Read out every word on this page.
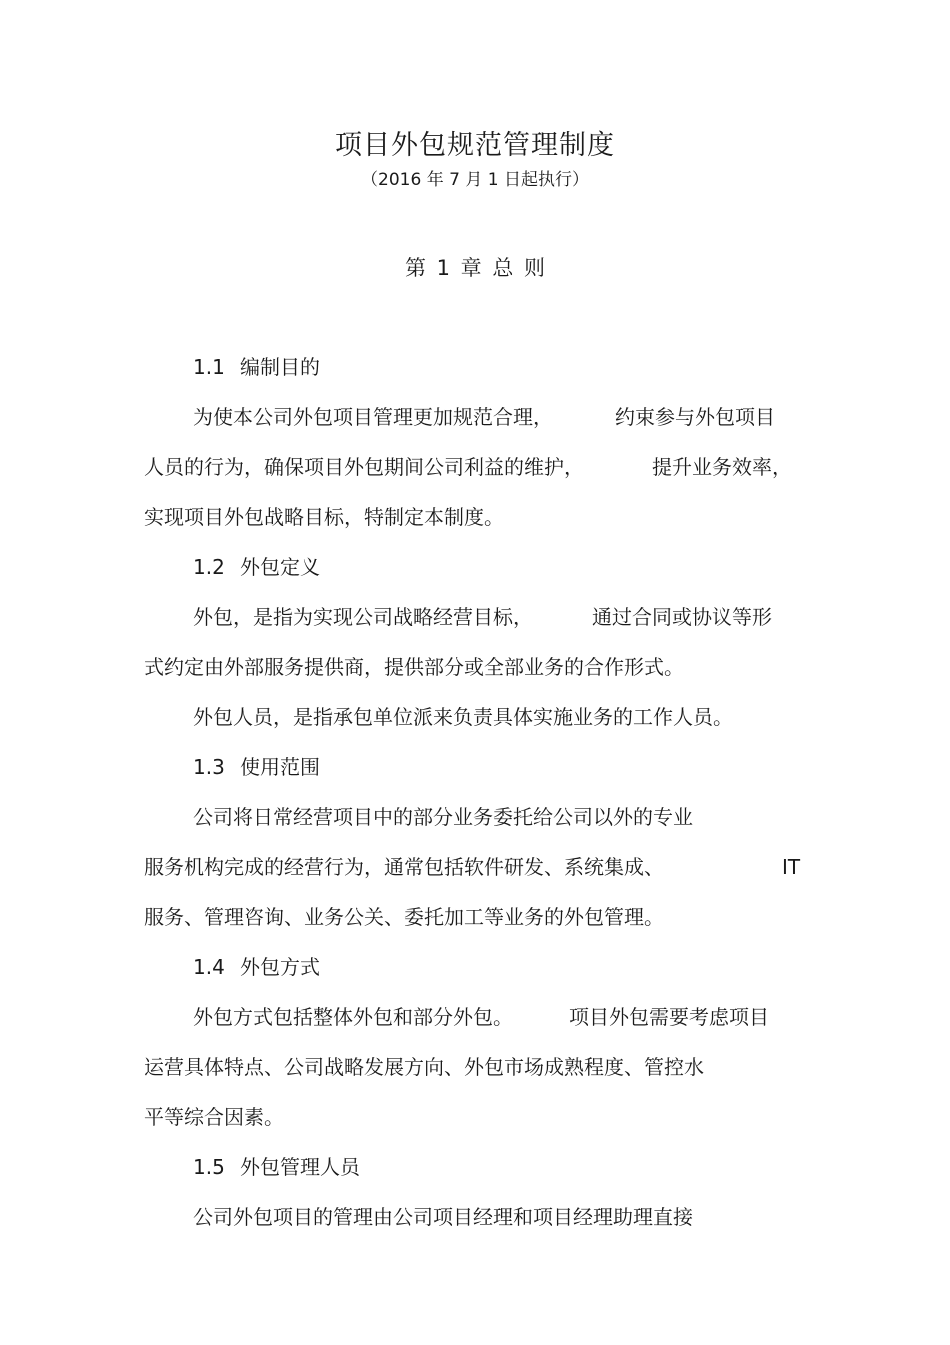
项目外包规范管理制度
（2016 年 7 月 1 日起执行）
第 1 章 总 则
1.1 编制目的
为使本公司外包项目管理更加规范合理，	约束参与外包项目
人员的行为，确保项目外包期间公司利益的维护，	提升业务效率，
实现项目外包战略目标，特制定本制度。
1.2 外包定义
外包，是指为实现公司战略经营目标，	通过合同或协议等形
式约定由外部服务提供商，提供部分或全部业务的合作形式。
外包人员，是指承包单位派来负责具体实施业务的工作人员。
1.3 使用范围
公司将日常经营项目中的部分业务委托给公司以外的专业
服务机构完成的经营行为，通常包括软件研发、系统集成、	IT
服务、管理咨询、业务公关、委托加工等业务的外包管理。
1.4 外包方式
外包方式包括整体外包和部分外包。	项目外包需要考虑项目
运营具体特点、公司战略发展方向、外包市场成熟程度、管控水
平等综合因素。
1.5 外包管理人员
公司外包项目的管理由公司项目经理和项目经理助理直接
